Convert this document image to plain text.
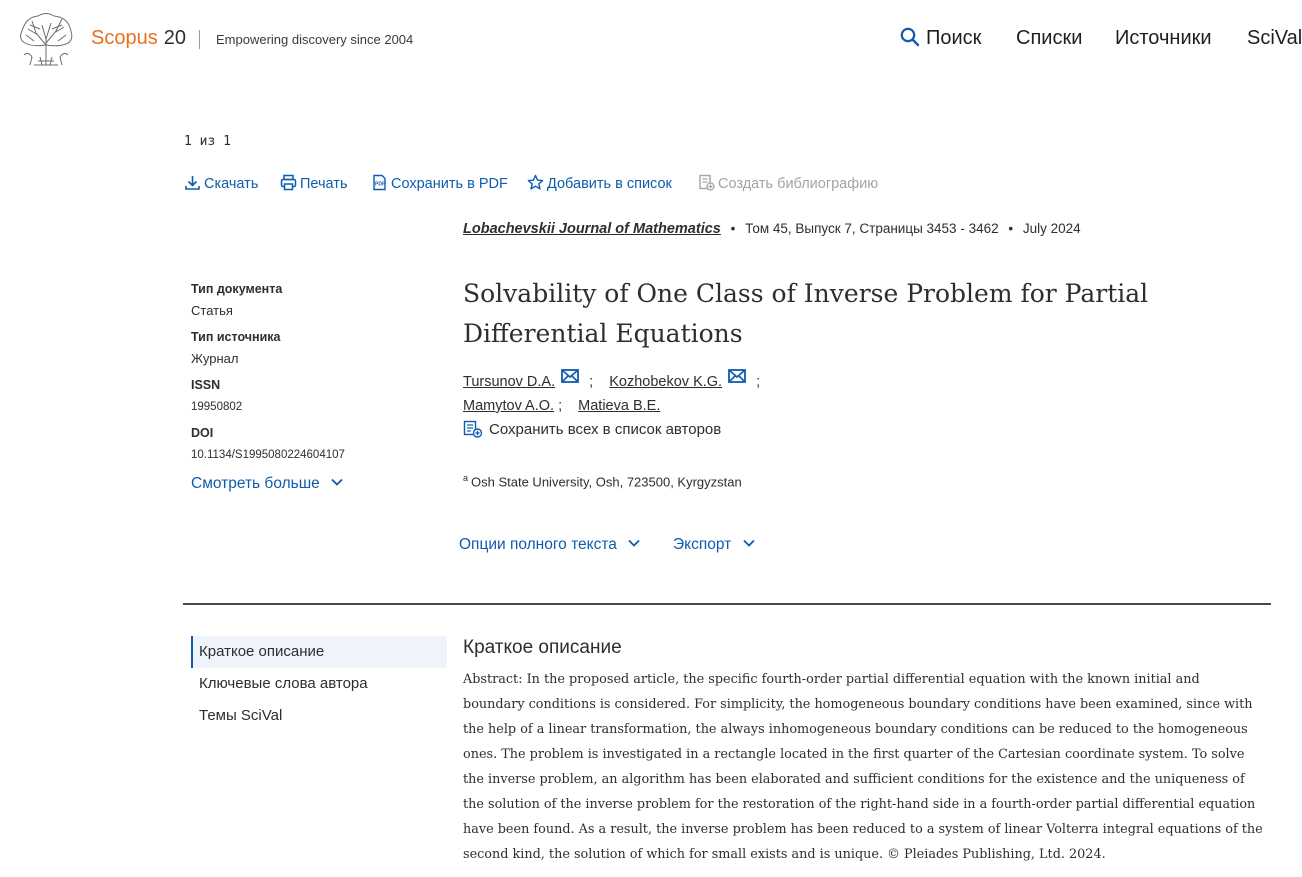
Scopus 20 Empowering discovery since 2004	Поиск Списки Источники SciVal
1 из 1
Скачать	Печать	PDF Сохранить в PDF	Добавить в список	Создать библиографию
Lobachevskii Journal of Mathematics • Том 45, Выпуск 7, Страницы 3453 - 3462 • July 2024
Тип документа
Статья
Тип источника
Журнал
ISSN
19950802
DOI
10.1134/S1995080224604107
Смотреть больше
Solvability of One Class of Inverse Problem for Partial Differential Equations
Tursunov D.A. ; Kozhobekov K.G. ;
Mamytov A.O. ; Matieva B.E.
Сохранить всех в список авторов
$^a$ Osh State University, Osh, 723500, Kyrgyzstan
Опции полного текста	Экспорт
Краткое описание
Ключевые слова автора
Темы SciVal
Краткое описание
Abstract: In the proposed article, the specific fourth-order partial differential equation with the known initial and boundary conditions is considered. For simplicity, the homogeneous boundary conditions have been examined, since with the help of a linear transformation, the always inhomogeneous boundary conditions can be reduced to the homogeneous ones. The problem is investigated in a rectangle located in the first quarter of the Cartesian coordinate system. To solve the inverse problem, an algorithm has been elaborated and sufficient conditions for the existence and the uniqueness of the solution of the inverse problem for the restoration of the right-hand side in a fourth-order partial differential equation have been found. As a result, the inverse problem has been reduced to a system of linear Volterra integral equations of the second kind, the solution of which for small exists and is unique. © Pleiades Publishing, Ltd. 2024.
